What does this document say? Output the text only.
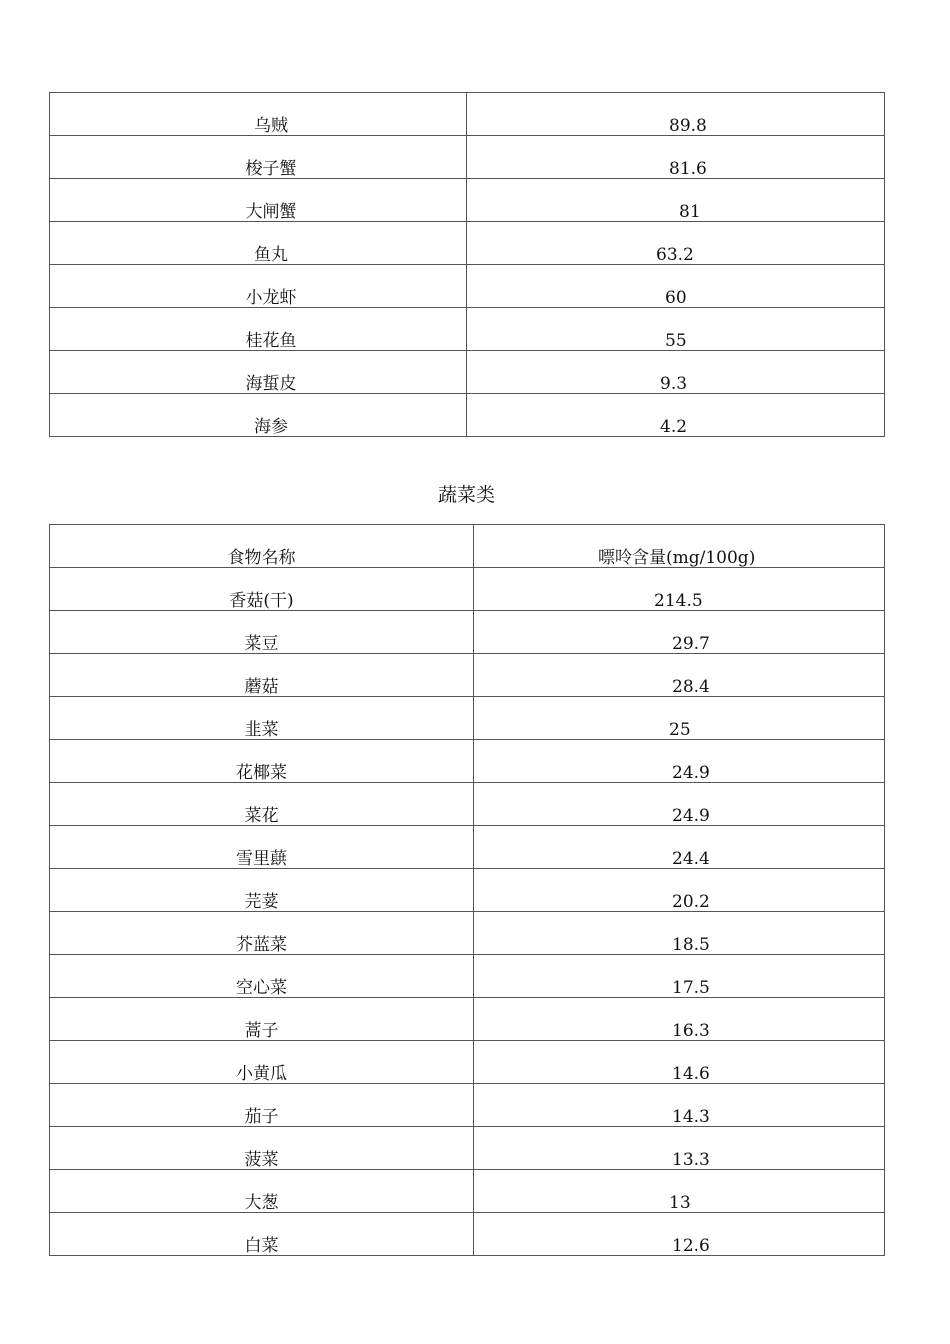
乌贼	89.8
梭子蟹	81.6
大闸蟹	81
鱼丸	63.2
小龙虾	60
桂花鱼	55
海蜇皮	9.3
海参	4.2
蔬菜类
食物名称	嘌呤含量(mg/100g)
香菇(干)	214.5
菜豆	29.7
蘑菇	28.4
韭菜	25
花椰菜	24.9
菜花	24.9
雪里蕻	24.4
芫荽	20.2
芥蓝菜	18.5
空心菜	17.5
蒿子	16.3
小黄瓜	14.6
茄子	14.3
菠菜	13.3
大葱	13
白菜	12.6
